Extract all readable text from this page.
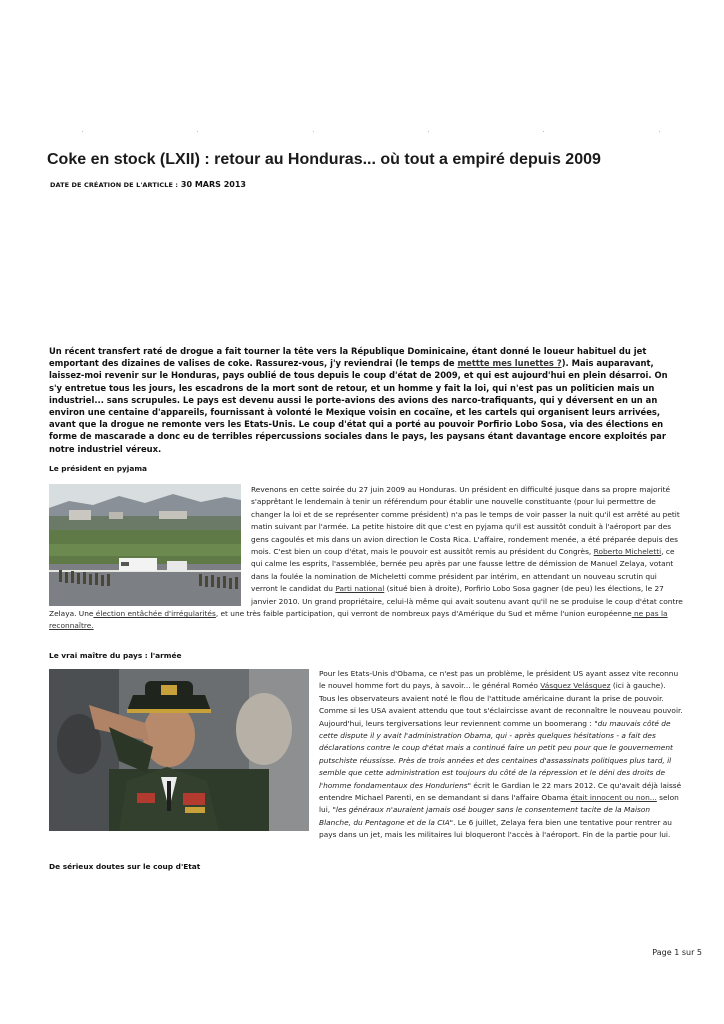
Coke en stock (LXII) : retour au Honduras... où tout a empiré depuis 2009
DATE DE CRÉATION DE L'ARTICLE : 30 MARS 2013

Un récent transfert raté de drogue a fait tourner la tête vers la République Dominicaine, étant donné le loueur habituel du jet emportant des dizaines de valises de coke. Rassurez-vous, j'y reviendrai (le temps de mettte mes lunettes ?). Mais auparavant, laissez-moi revenir sur le Honduras, pays oublié de tous depuis le coup d'état de 2009, et qui est aujourd'hui en plein désarroi. On s'y entretue tous les jours, les escadrons de la mort sont de retour, et un homme y fait la loi, qui n'est pas un politicien mais un industriel... sans scrupules. Le pays est devenu aussi le porte-avions des avions des narco-trafiquants, qui y déversent en un an environ une centaine d'appareils, fournissant à volonté le Mexique voisin en cocaïne, et les cartels qui organisent leurs arrivées, avant que la drogue ne remonte vers les Etats-Unis. Le coup d'état qui a porté au pouvoir Porfirio Lobo Sosa, via des élections en forme de mascarade a donc eu de terribles répercussions sociales dans le pays, les paysans étant davantage encore exploités par notre industriel véreux.

Le président en pyjama
Revenons en cette soirée du 27 juin 2009 au Honduras. Un président en difficulté jusque dans sa propre majorité s'apprêtant le lendemain à tenir un référendum pour établir une nouvelle constituante (pour lui permettre de changer la loi et de se représenter comme président) n'a pas le temps de voir passer la nuit qu'il est arrêté au petit matin suivant par l'armée. La petite histoire dit que c'est en pyjama qu'il est aussitôt conduit à l'aéroport par des gens cagoulés et mis dans un avion direction le Costa Rica. L'affaire, rondement menée, a été préparée depuis des mois. C'est bien un coup d'état, mais le pouvoir est aussitôt remis au président du Congrès, Roberto Micheletti, ce qui calme les esprits, l'assemblée, bernée peu après par une fausse lettre de démission de Manuel Zelaya, votant dans la foulée la nomination de Micheletti comme président par intérim, en attendant un nouveau scrutin qui verront le candidat du Parti national (situé bien à droite), Porfirio Lobo Sosa gagner (de peu) les élections, le 27 janvier 2010. Un grand propriétaire, celui-là même qui avait soutenu avant qu'il ne se produise le coup d'état contre Zelaya. Une élection entâchée d'irrégularités, et une très faible participation, qui verront de nombreux pays d'Amérique du Sud et même l'union européenne ne pas la reconnaître.
Le vrai maître du pays : l'armée
Pour les Etats-Unis d'Obama, ce n'est pas un problème, le président US ayant assez vite reconnu le nouvel homme fort du pays, à savoir... le général Roméo Vásquez Velásquez (ici à gauche). Tous les observateurs avaient noté le flou de l'attitude américaine durant la prise de pouvoir. Comme si les USA avaient attendu que tout s'éclaircisse avant de reconnaître le nouveau pouvoir. Aujourd'hui, leurs tergiversations leur reviennent comme un boomerang : "du mauvais côté de cette dispute il y avait l'administration Obama, qui - après quelques hésitations - a fait des déclarations contre le coup d'état mais a continué faire un petit peu pour que le gouvernement putschiste réussisse. Près de trois années et des centaines d'assassinats politiques plus tard, il semble que cette administration est toujours du côté de la répression et le déni des droits de l'homme fondamentaux des Honduriens" écrit le Gardian le 22 mars 2012. Ce qu'avait déjà laissé entendre Michael Parenti, en se demandant si dans l'affaire Obama était innocent ou non... selon lui, "les généraux n'auraient jamais osé bouger sans le consentement tacite de la Maison Blanche, du Pentagone et de la CIA". Le 6 juillet, Zelaya fera bien une tentative pour rentrer au pays dans un jet, mais les militaires lui bloqueront l'accès à l'aéroport. Fin de la partie pour lui.
De sérieux doutes sur le coup d'Etat
Page 1 sur 5
